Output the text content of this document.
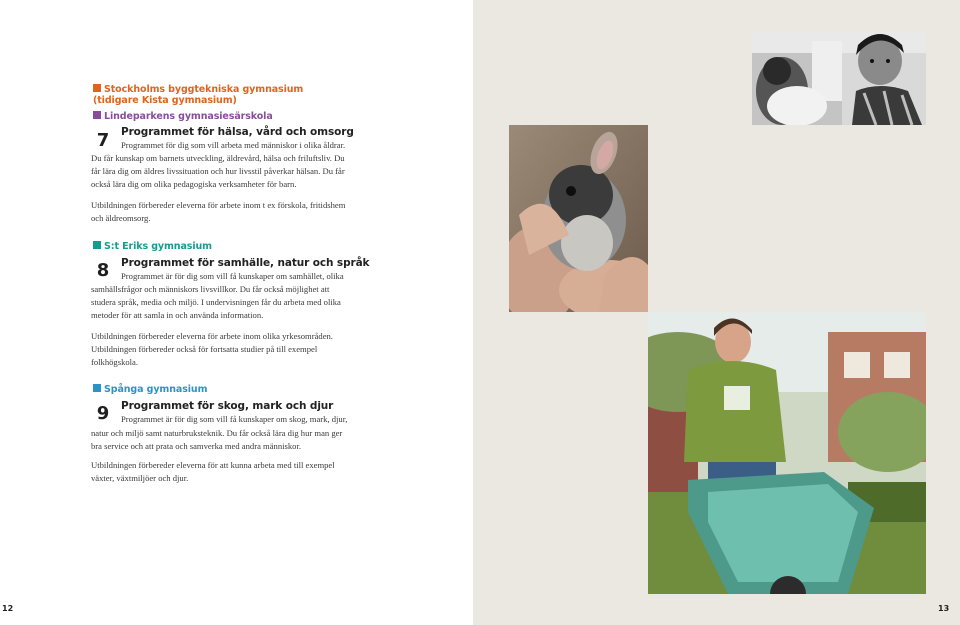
Stockholms byggtekniska gymnasium
(tidigare Kista gymnasium)
Lindeparkens gymnasiesärskola
7	Programmet för hälsa, vård och omsorg
Programmet för dig som vill arbeta med människor i olika åldrar.
Du får kunskap om barnets utveckling, äldrevård, hälsa och friluftsliv. Du
får lära dig om äldres livssituation och hur livsstil påverkar hälsan. Du får
också lära dig om olika pedagogiska verksamheter för barn.
Utbildningen förbereder eleverna för arbete inom t ex förskola, fritidshem
och äldreomsorg.
S:t Eriks gymnasium
8	Programmet för samhälle, natur och språk
Programmet är för dig som vill få kunskaper om samhället, olika
samhällsfrågor och människors livsvillkor. Du får också möjlighet att
studera språk, media och miljö. I undervisningen får du arbeta med olika
metoder för att samla in och använda information.
Utbildningen förbereder eleverna för arbete inom olika yrkesområden.
Utbildningen förbereder också för fortsatta studier på till exempel
folkhögskola.
Spånga gymnasium
9	Programmet för skog, mark och djur
Programmet är för dig som vill få kunskaper om skog, mark, djur,
natur och miljö samt naturbruksteknik. Du får också lära dig hur man ger
bra service och att prata och samverka med andra människor.
Utbildningen förbereder eleverna för att kunna arbeta med till exempel
växter, växtmiljöer och djur.
12	13
